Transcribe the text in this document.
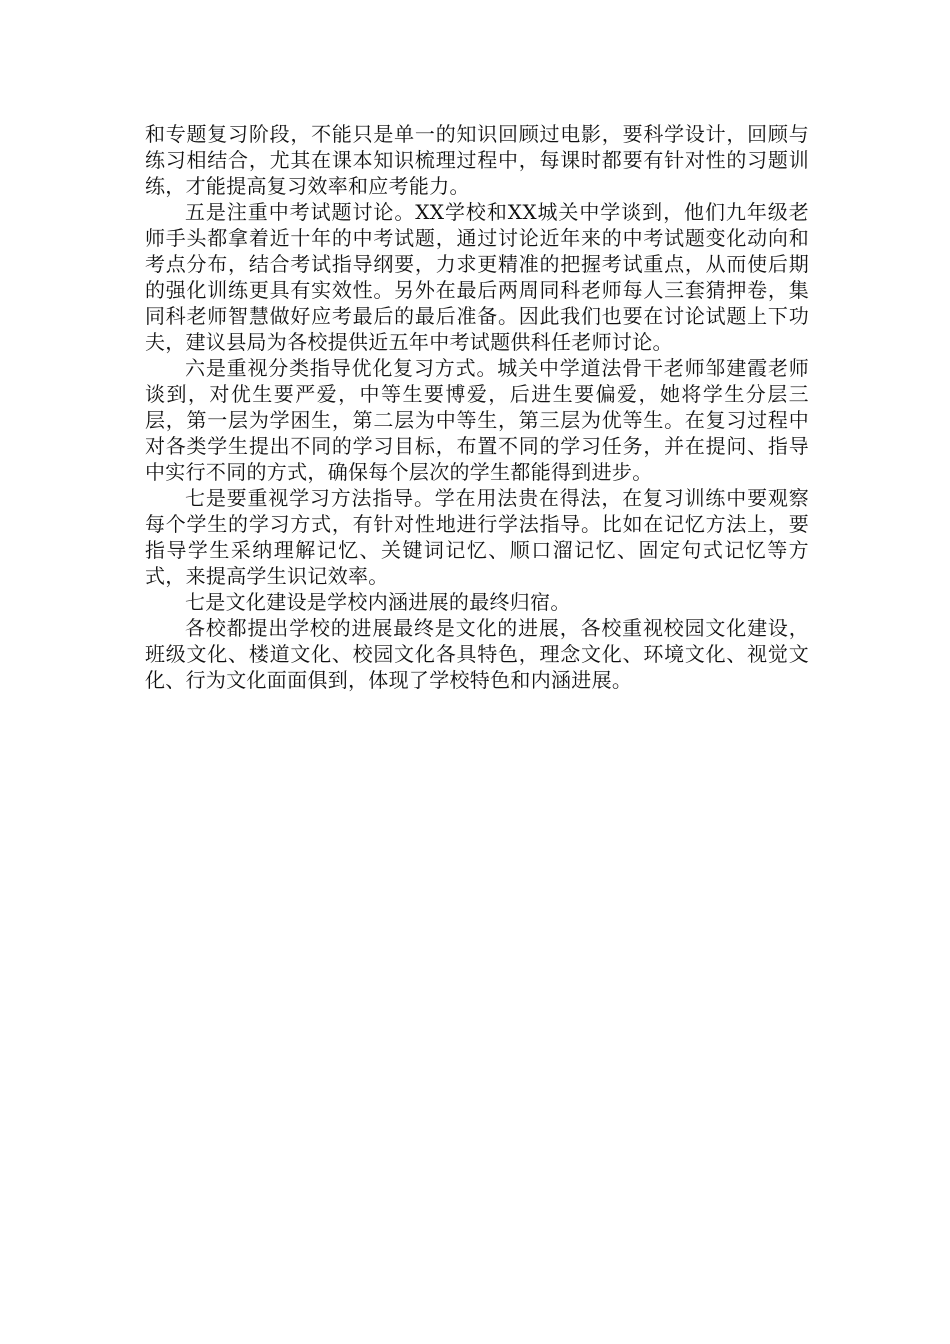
和专题复习阶段，不能只是单一的知识回顾过电影，要科学设计，回顾与练习相结合，尤其在课本知识梳理过程中，每课时都要有针对性的习题训练，才能提高复习效率和应考能力。

五是注重中考试题讨论。XX学校和XX城关中学谈到，他们九年级老师手头都拿着近十年的中考试题，通过讨论近年来的中考试题变化动向和考点分布，结合考试指导纲要，力求更精准的把握考试重点，从而使后期的强化训练更具有实效性。另外在最后两周同科老师每人三套猜押卷，集同科老师智慧做好应考最后的最后准备。因此我们也要在讨论试题上下功夫，建议县局为各校提供近五年中考试题供科任老师讨论。

六是重视分类指导优化复习方式。城关中学道法骨干老师邹建霞老师谈到，对优生要严爱，中等生要博爱，后进生要偏爱，她将学生分层三层，第一层为学困生，第二层为中等生，第三层为优等生。在复习过程中对各类学生提出不同的学习目标，布置不同的学习任务，并在提问、指导中实行不同的方式，确保每个层次的学生都能得到进步。

七是要重视学习方法指导。学在用法贵在得法，在复习训练中要观察每个学生的学习方式，有针对性地进行学法指导。比如在记忆方法上，要指导学生采纳理解记忆、关键词记忆、顺口溜记忆、固定句式记忆等方式，来提高学生识记效率。

七是文化建设是学校内涵进展的最终归宿。

各校都提出学校的进展最终是文化的进展，各校重视校园文化建设，班级文化、楼道文化、校园文化各具特色，理念文化、环境文化、视觉文化、行为文化面面俱到，体现了学校特色和内涵进展。
